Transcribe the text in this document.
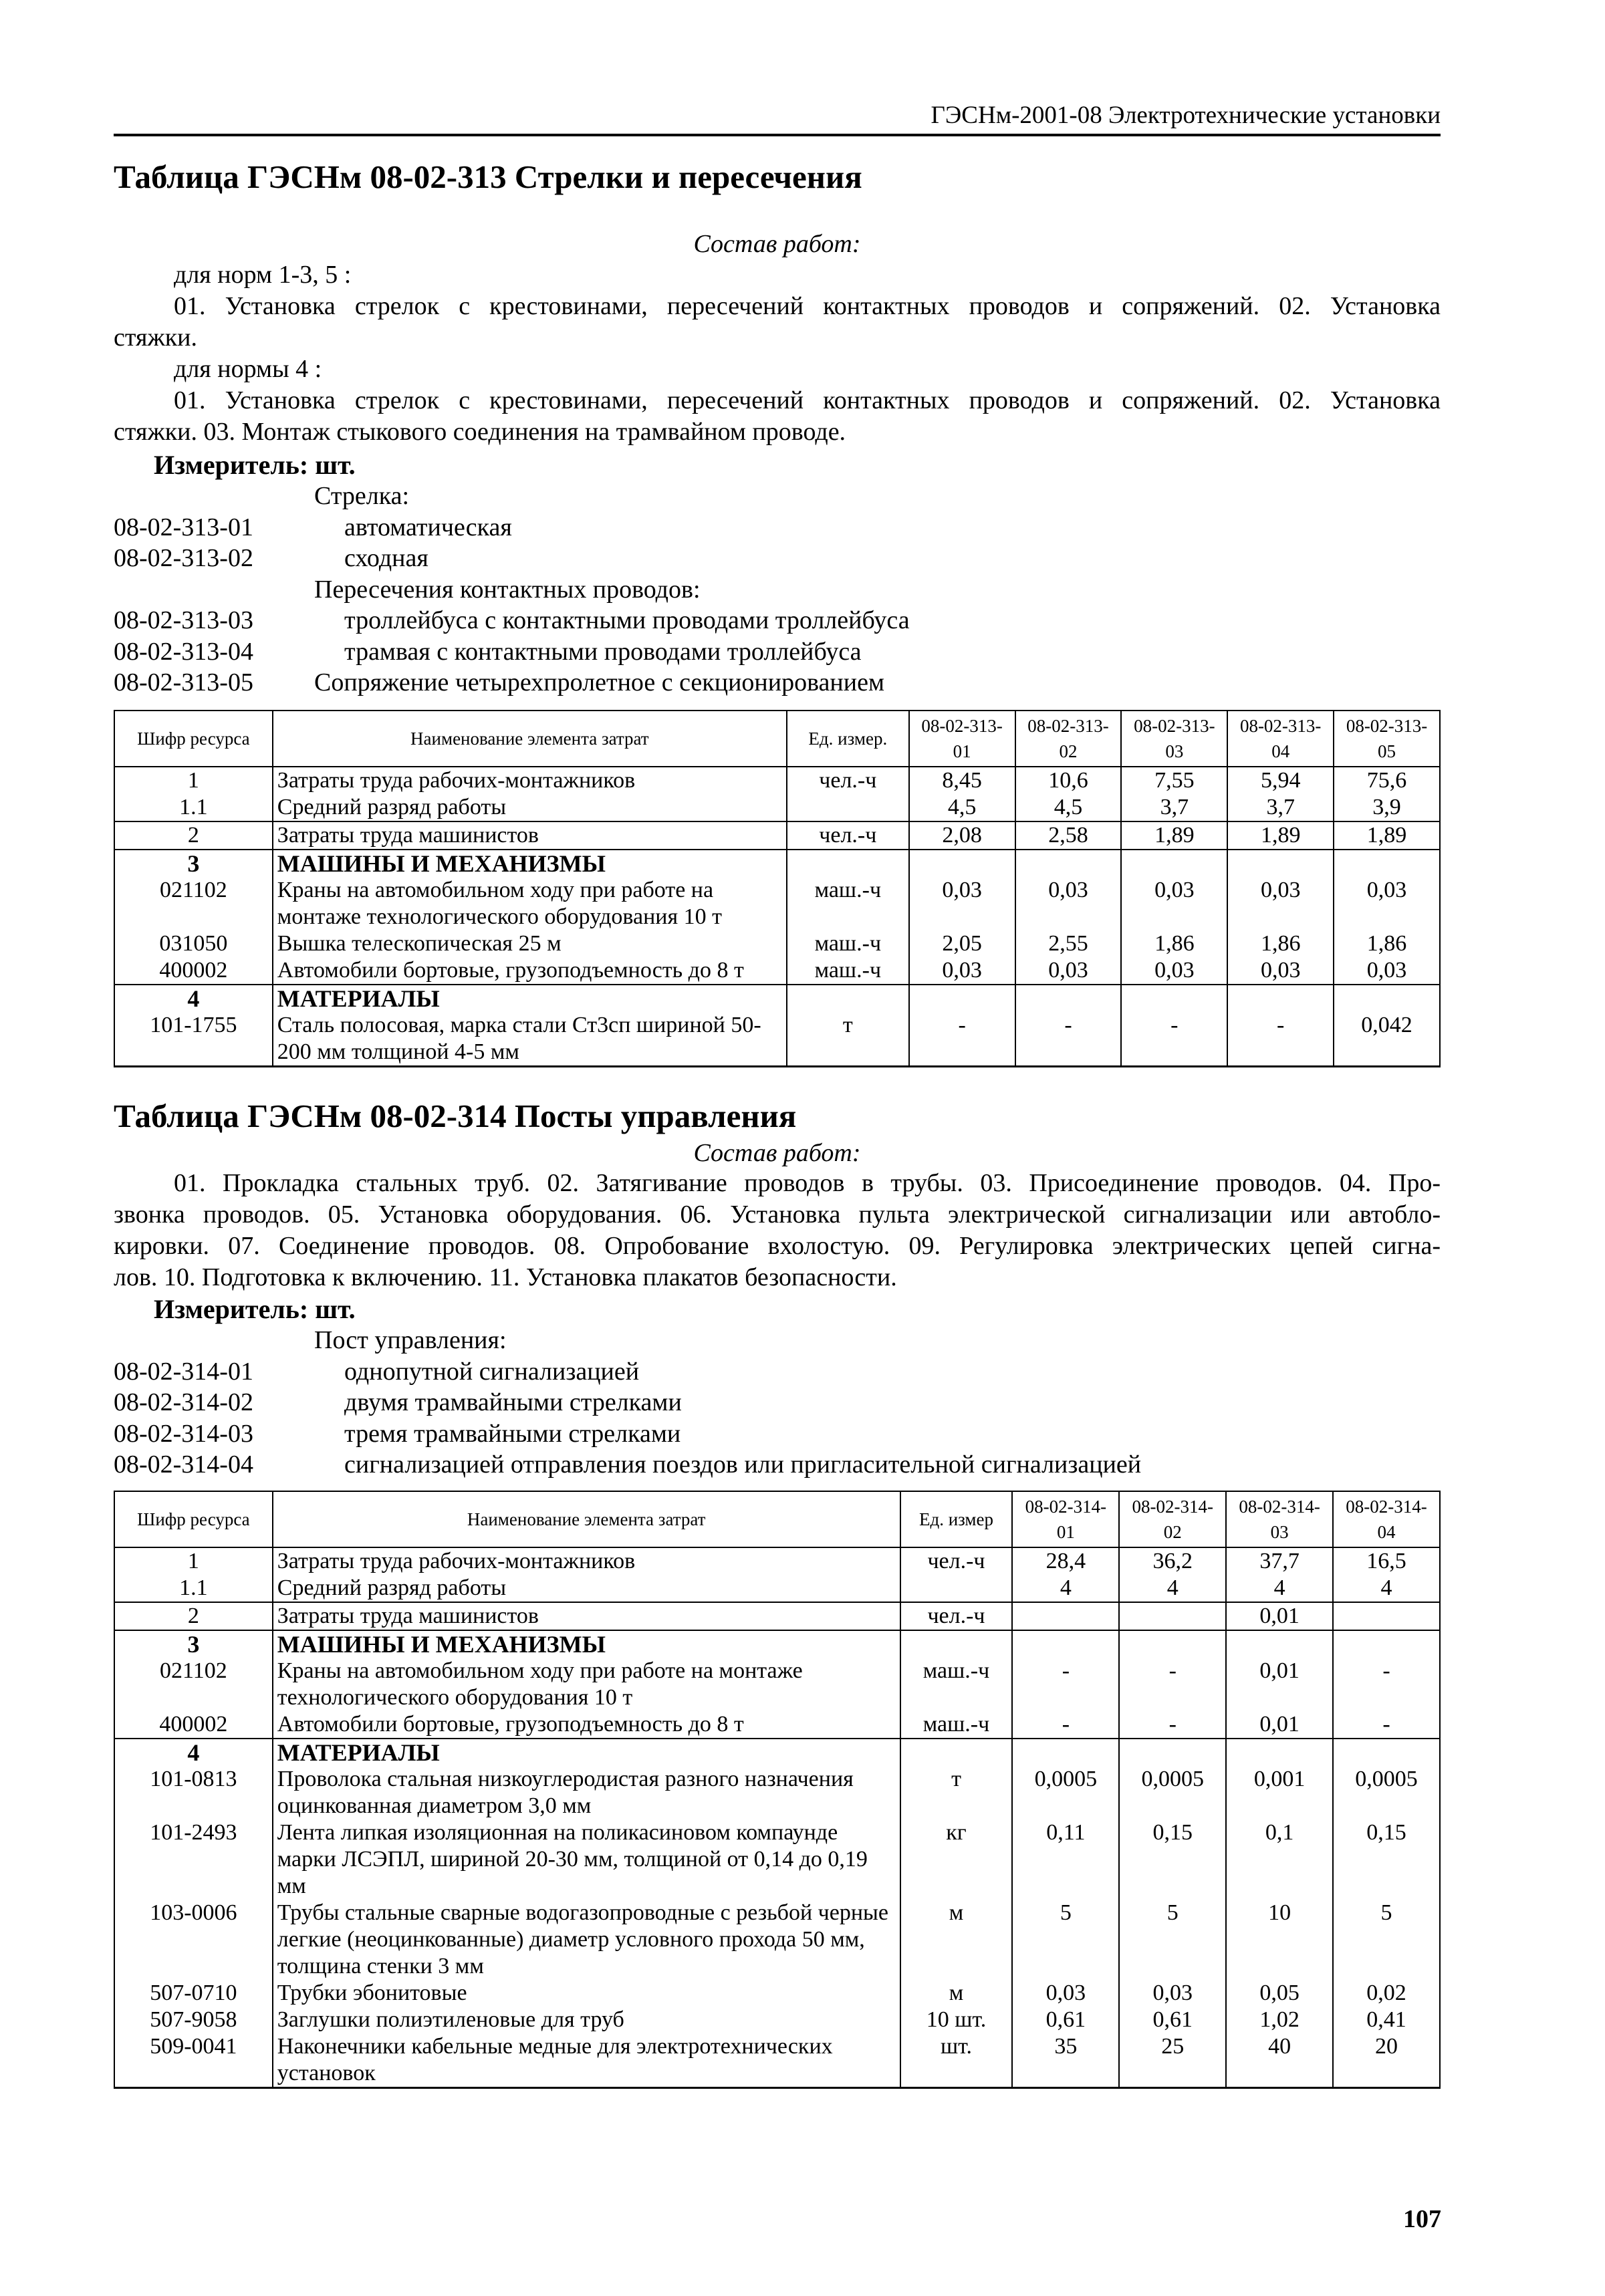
ГЭСНм-2001-08 Электротехнические установки
Таблица ГЭСНм 08-02-313 Стрелки и пересечения
Состав работ:
для норм 1-3, 5 :
01. Установка стрелок с крестовинами, пересечений контактных проводов и сопряжений. 02. Установка
стяжки.
для нормы 4 :
01. Установка стрелок с крестовинами, пересечений контактных проводов и сопряжений. 02. Установка
стяжки. 03. Монтаж стыкового соединения на трамвайном проводе.
Измеритель: шт.
Стрелка:
08-02-313-01	автоматическая
08-02-313-02	сходная
Пересечения контактных проводов:
08-02-313-03	троллейбуса с контактными проводами троллейбуса
08-02-313-04	трамвая с контактными проводами троллейбуса
08-02-313-05	Сопряжение четырехпролетное с секционированием
Шифр ресурса	Наименование элемента затрат	Ед. измер.	08-02-313-01	08-02-313-02	08-02-313-03	08-02-313-04	08-02-313-05
1	Затраты труда рабочих-монтажников	чел.-ч	8,45	10,6	7,55	5,94	75,6
1.1	Средний разряд работы		4,5	4,5	3,7	3,7	3,9
2	Затраты труда машинистов	чел.-ч	2,08	2,58	1,89	1,89	1,89
3	МАШИНЫ И МЕХАНИЗМЫ						
021102	Краны на автомобильном ходу при работе на монтаже технологического оборудования 10 т	маш.-ч	0,03	0,03	0,03	0,03	0,03
031050	Вышка телескопическая 25 м	маш.-ч	2,05	2,55	1,86	1,86	1,86
400002	Автомобили бортовые, грузоподъемность до 8 т	маш.-ч	0,03	0,03	0,03	0,03	0,03
4	МАТЕРИАЛЫ						
101-1755	Сталь полосовая, марка стали Ст3сп шириной 50-200 мм толщиной 4-5 мм	т	-	-	-	-	0,042
Таблица ГЭСНм 08-02-314 Посты управления
Состав работ:
01. Прокладка стальных труб. 02. Затягивание проводов в трубы. 03. Присоединение проводов. 04. Про-
звонка проводов. 05. Установка оборудования. 06. Установка пульта электрической сигнализации или автобло-
кировки. 07. Соединение проводов. 08. Опробование вхолостую. 09. Регулировка электрических цепей сигна-
лов. 10. Подготовка к включению. 11. Установка плакатов безопасности.
Измеритель: шт.
Пост управления:
08-02-314-01	однопутной сигнализацией
08-02-314-02	двумя трамвайными стрелками
08-02-314-03	тремя трамвайными стрелками
08-02-314-04	сигнализацией отправления поездов или пригласительной сигнализацией
Шифр ресурса	Наименование элемента затрат	Ед. измер	08-02-314-01	08-02-314-02	08-02-314-03	08-02-314-04
1	Затраты труда рабочих-монтажников	чел.-ч	28,4	36,2	37,7	16,5
1.1	Средний разряд работы		4	4	4	4
2	Затраты труда машинистов	чел.-ч			0,01	
3	МАШИНЫ И МЕХАНИЗМЫ					
021102	Краны на автомобильном ходу при работе на монтаже технологического оборудования 10 т	маш.-ч	-	-	0,01	-
400002	Автомобили бортовые, грузоподъемность до 8 т	маш.-ч	-	-	0,01	-
4	МАТЕРИАЛЫ					
101-0813	Проволока стальная низкоуглеродистая разного назначения оцинкованная диаметром 3,0 мм	т	0,0005	0,0005	0,001	0,0005
101-2493	Лента липкая изоляционная на поликасиновом компаунде марки ЛСЭПЛ, шириной 20-30 мм, толщиной от 0,14 до 0,19 мм	кг	0,11	0,15	0,1	0,15
103-0006	Трубы стальные сварные водогазопроводные с резьбой черные легкие (неоцинкованные) диаметр условного прохода 50 мм, толщина стенки 3 мм	м	5	5	10	5
507-0710	Трубки эбонитовые	м	0,03	0,03	0,05	0,02
507-9058	Заглушки полиэтиленовые для труб	10 шт.	0,61	0,61	1,02	0,41
509-0041	Наконечники кабельные медные для электротехнических установок	шт.	35	25	40	20
107
